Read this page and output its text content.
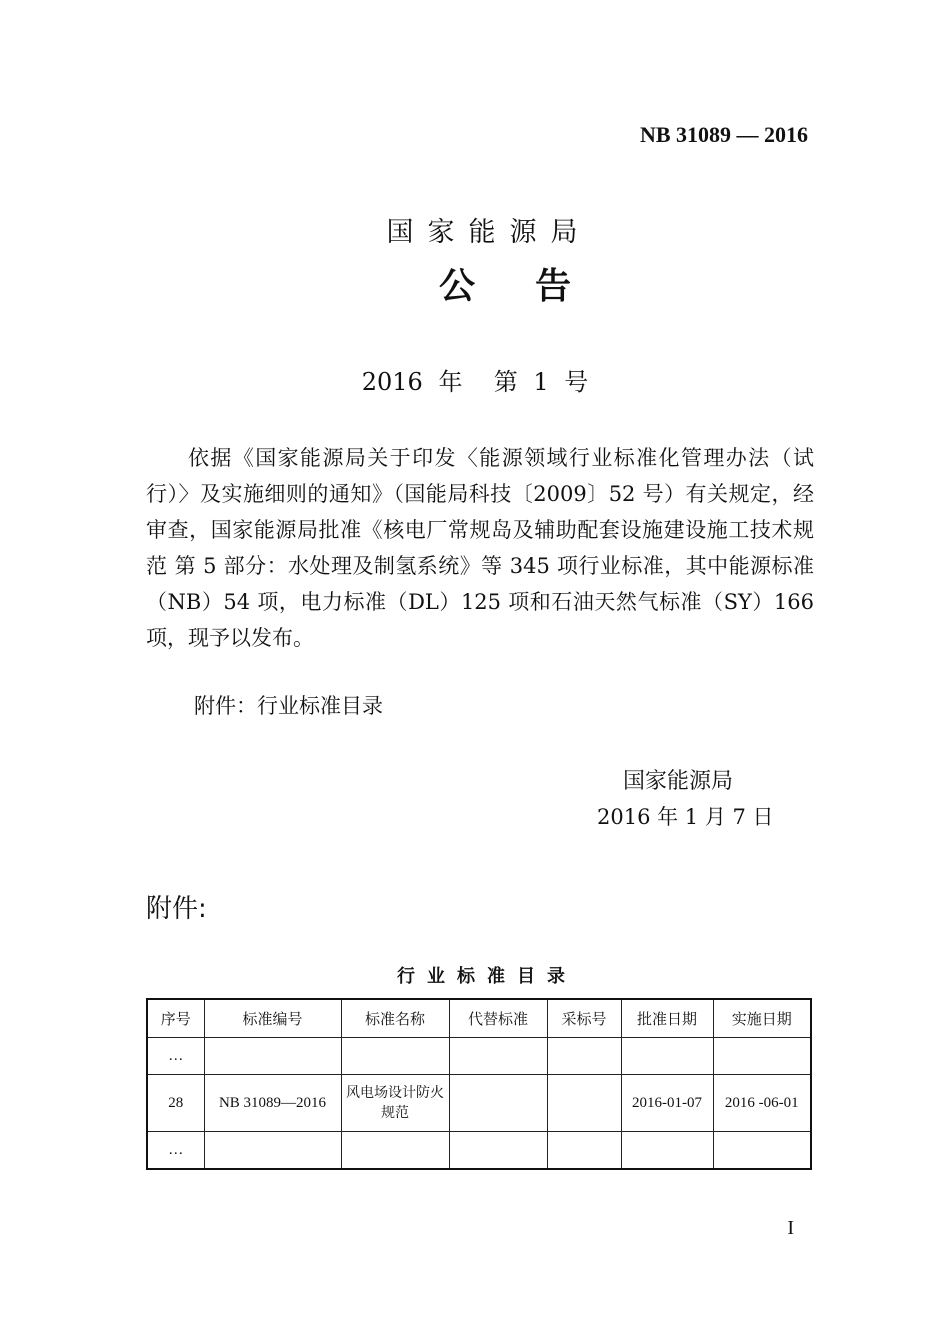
NB 31089 — 2016
国家能源局
公告
2016 年  第 1 号
依据《国家能源局关于印发〈能源领域行业标准化管理办法（试行）〉及实施细则的通知》（国能局科技〔2009〕52 号）有关规定，经审查，国家能源局批准《核电厂常规岛及辅助配套设施建设施工技术规范 第 5 部分：水处理及制氢系统》等 345 项行业标准，其中能源标准（NB）54 项，电力标准（DL）125 项和石油天然气标准（SY）166 项，现予以发布。
附件：行业标准目录
国家能源局
2016 年 1 月 7 日
附件:
行业标准目录
序号	标准编号	标准名称	代替标准	采标号	批准日期	实施日期
…						
28	NB 31089—2016	风电场设计防火规范			2016-01-07	2016 -06-01
…						
I
